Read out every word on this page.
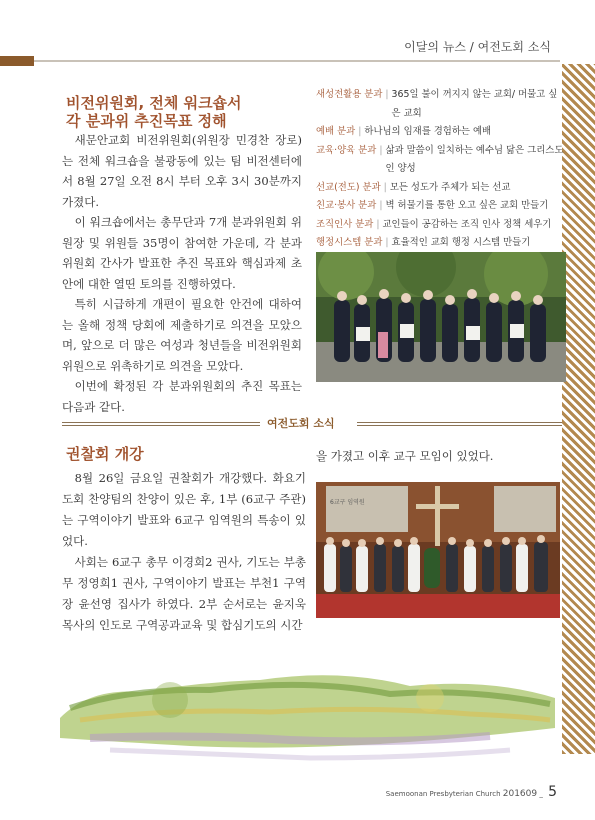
이달의 뉴스 / 여전도회 소식
비전위원회, 전체 워크숍서
각 분과위 추진목표 정해

새문안교회 비전위원회(위원장 민경찬 장로)는 전체 워크숍을 불광동에 있는 팀 비전센터에서 8월 27일 오전 8시 부터 오후 3시 30분까지 가졌다.

이 워크숍에서는 총무단과 7개 분과위원회 위원장 및 위원들 35명이 참여한 가운데, 각 분과위원회 간사가 발표한 추진 목표와 핵심과제 초안에 대한 열띤 토의를 진행하였다.

특히 시급하게 개편이 필요한 안건에 대하여는 올해 정책 당회에 제출하기로 의견을 모았으며, 앞으로 더 많은 여성과 청년들을 비전위원회 위원으로 위촉하기로 의견을 모았다.

이번에 확정된 각 분과위원회의 추진 목표는 다음과 같다.

새성전활용 분과 | 365일 불이 꺼지지 않는 교회/ 머물고 싶은 교회
예배 분과 | 하나님의 임재를 경험하는 예배
교육·양육 분과 | 삶과 말씀이 일치하는 예수님 닮은 그리스도인 양성
선교(전도) 분과 | 모든 성도가 주체가 되는 선교
친교·봉사 분과 | 벽 허물기를 통한 오고 싶은 교회 만들기
조직인사 분과 | 교인들이 공감하는 조직 인사 정책 세우기
행정시스템 분과 | 효율적인 교회 행정 시스템 만들기
여전도회 소식
권찰회 개강

8월 26일 금요일 권찰회가 개강했다. 화요기도회 찬양팀의 찬양이 있은 후, 1부 (6교구 주관)는 구역이야기 발표와 6교구 임역원의 특송이 있었다.

사회는 6교구 총무 이경희2 권사, 기도는 부총무 정영희1 권사, 구역이야기 발표는 부천1 구역장 윤선영 집사가 하였다. 2부 순서로는 윤지욱 목사의 인도로 구역공과교육 및 합심기도의 시간

을 가졌고 이후 교구 모임이 있었다.
6교구 임역원
Saemoonan Presbyterian Church 201609 _ 5
